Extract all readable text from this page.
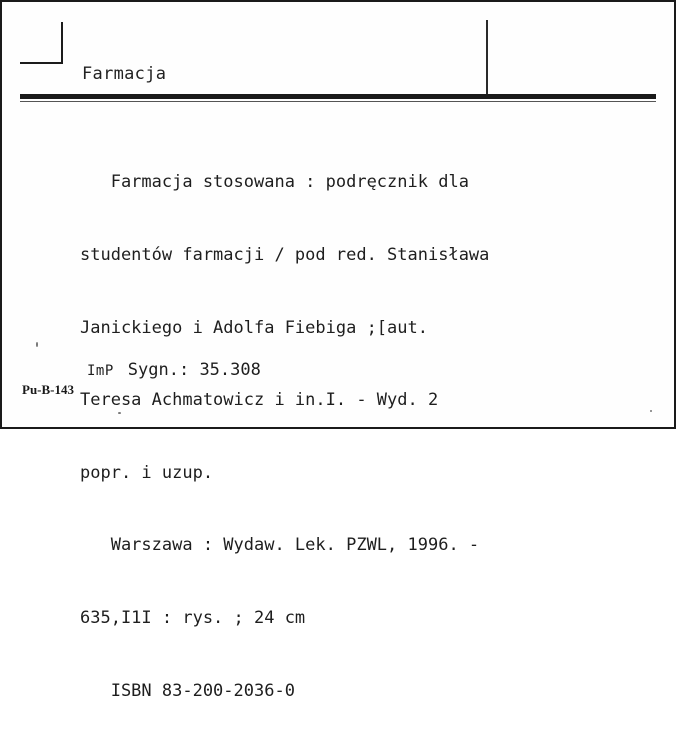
Farmacja

Farmacja stosowana : podręcznik dla

studentów farmacji / pod red. Stanisława

Janickiego i Adolfa Fiebiga ;[aut.

Teresa Achmatowicz i in.I. - Wyd. 2

popr. i uzup.

Warszawa : Wydaw. Lek. PZWL, 1996. -

635,I1I : rys. ; 24 cm

ISBN 83-200-2036-0

ImP Sygn.: 35.308
Pu-B-143
